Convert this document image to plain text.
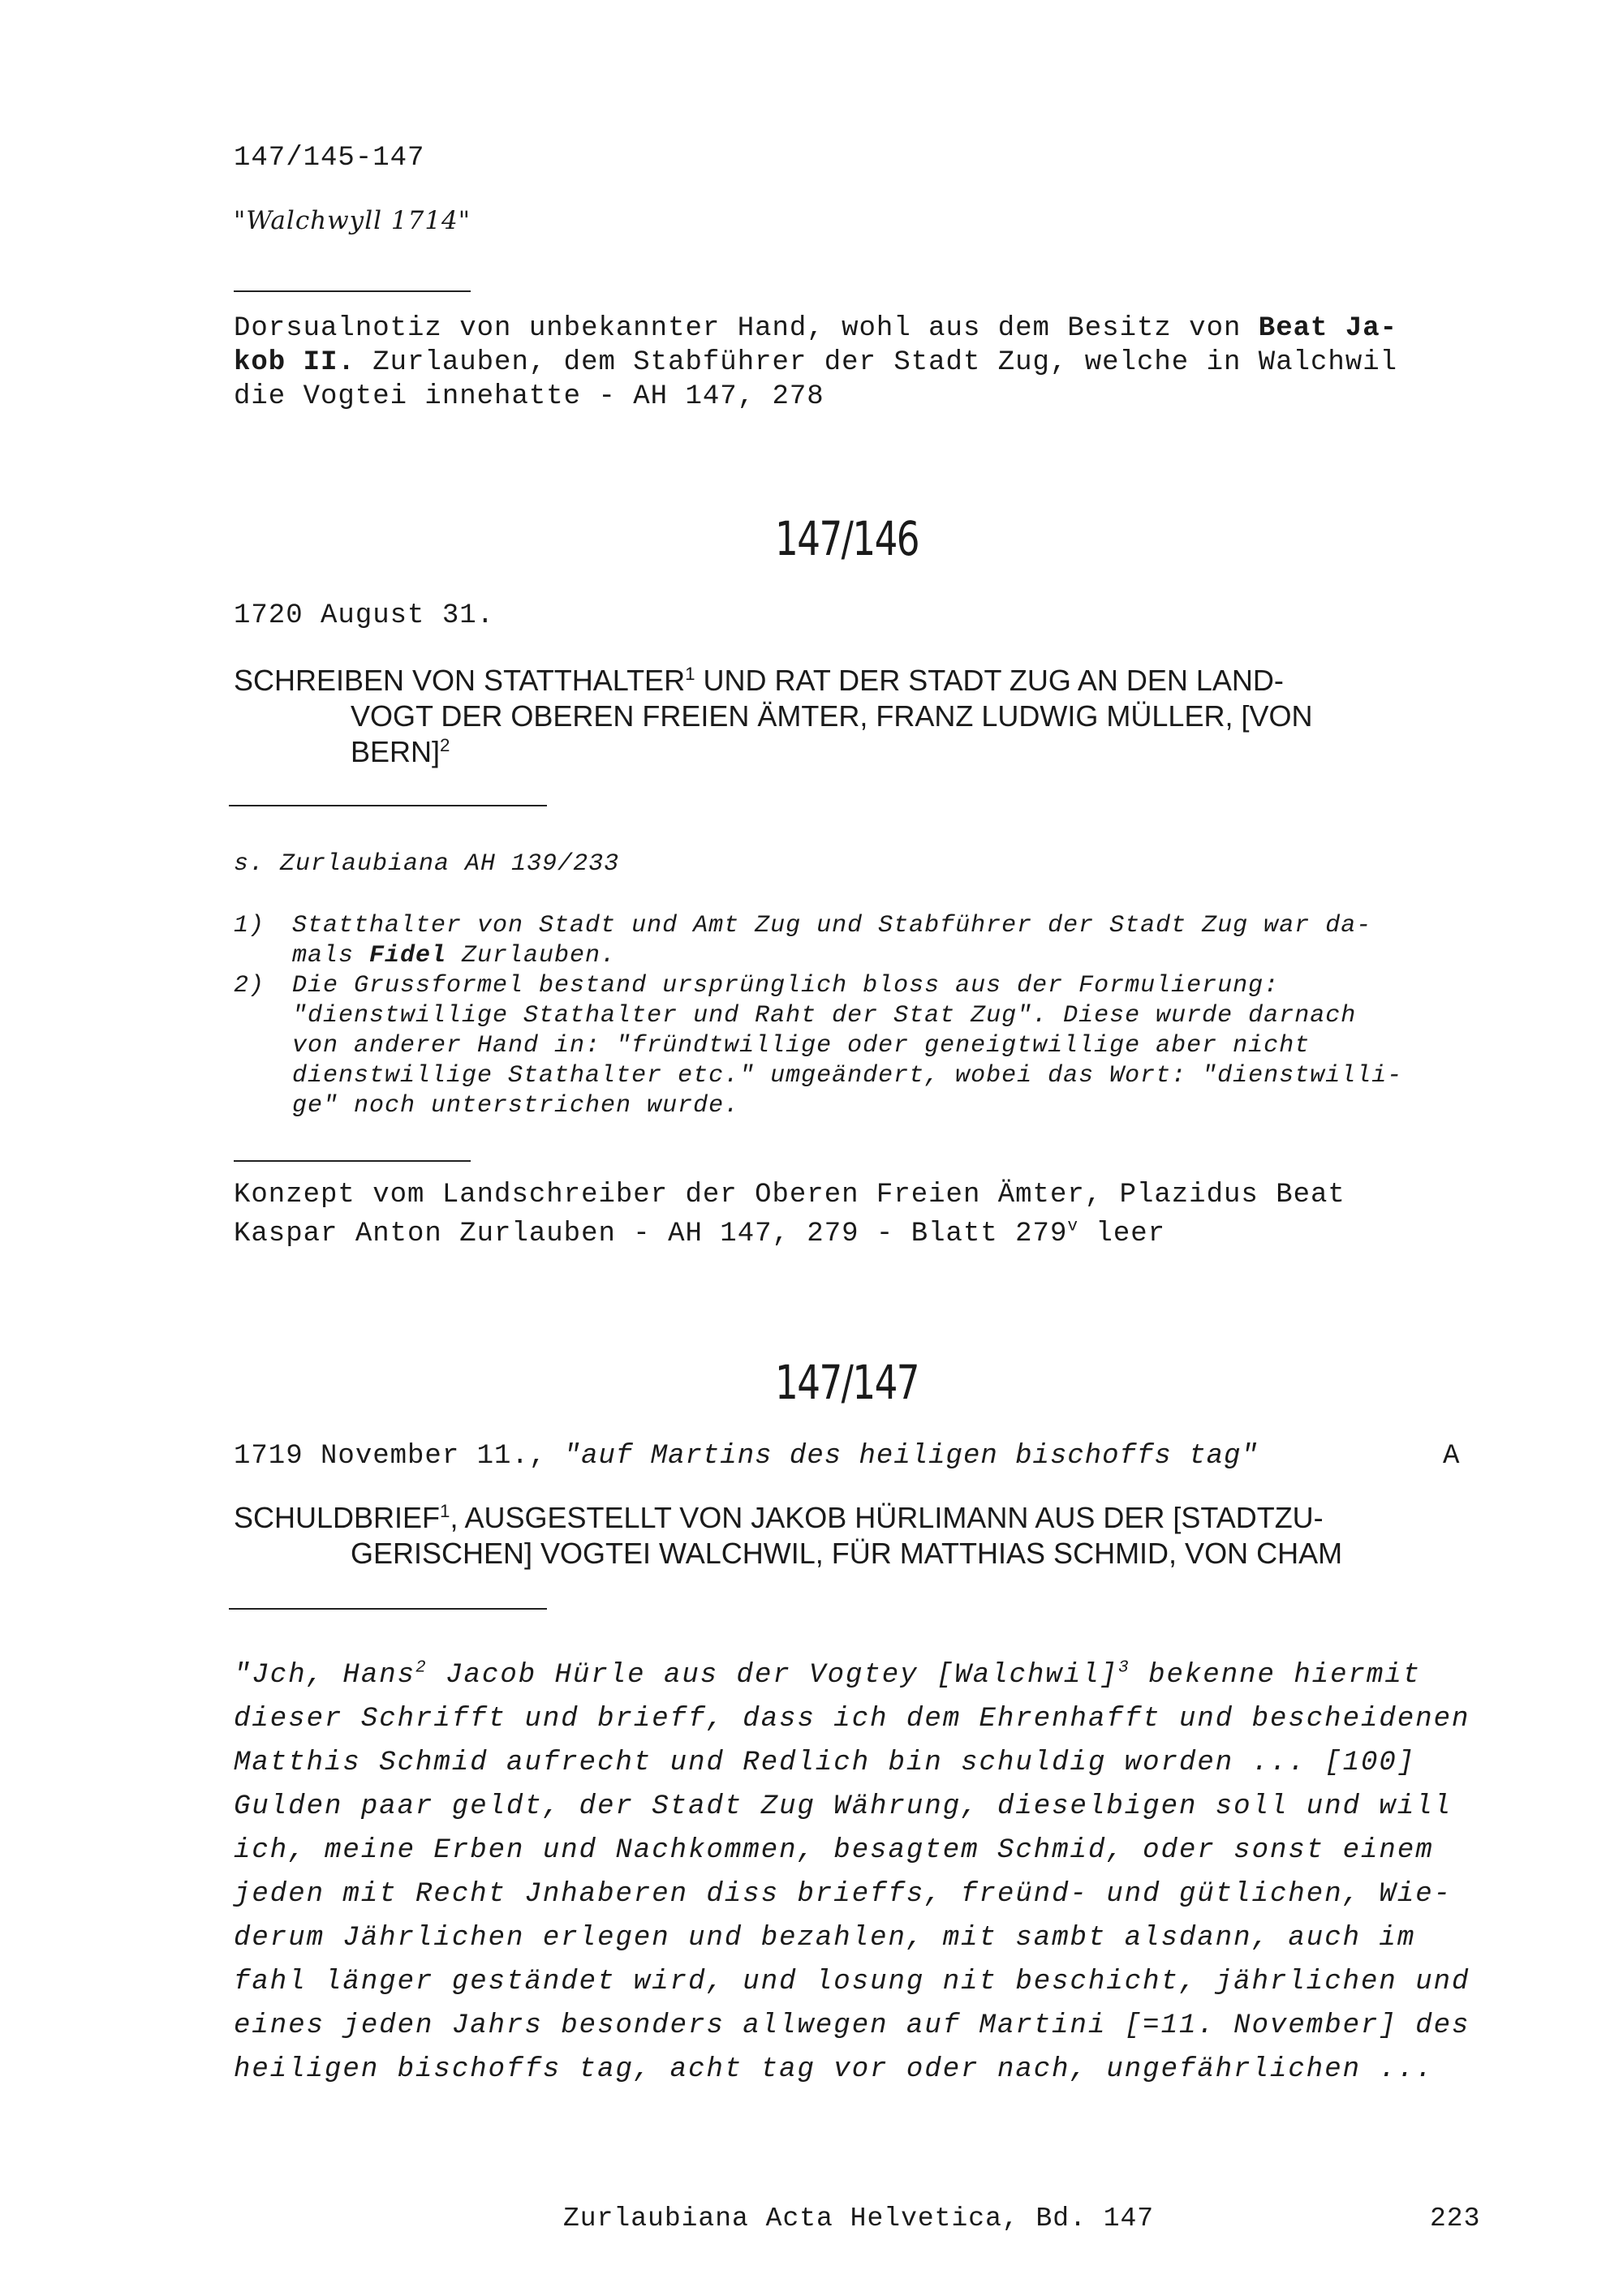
147/145-147
"Walchwyll 1714"
Dorsualnotiz von unbekannter Hand, wohl aus dem Besitz von Beat Ja-
kob II. Zurlauben, dem Stabführer der Stadt Zug, welche in Walchwil
die Vogtei innehatte - AH 147, 278
147/146
1720 August 31.
SCHREIBEN VON STATTHALTER$^1$ UND RAT DER STADT ZUG AN DEN LAND-
VOGT DER OBEREN FREIEN ÄMTER, FRANZ LUDWIG MÜLLER, [VON
BERN]$^2$
s. Zurlaubiana AH 139/233
1) Statthalter von Stadt und Amt Zug und Stabführer der Stadt Zug war da-
mals Fidel Zurlauben.
2) Die Grussformel bestand ursprünglich bloss aus der Formulierung:
"dienstwillige Stathalter und Raht der Stat Zug". Diese wurde darnach
von anderer Hand in: "fründtwillige oder geneigtwillige aber nicht
dienstwillige Stathalter etc." umgeändert, wobei das Wort: "dienstwilli-
ge" noch unterstrichen wurde.
Konzept vom Landschreiber der Oberen Freien Ämter, Plazidus Beat
Kaspar Anton Zurlauben - AH 147, 279 - Blatt 279$^v$ leer
147/147
1719 November 11., "auf Martins des heiligen bischoffs tag"	A
SCHULDBRIEF$^1$, AUSGESTELLT VON JAKOB HÜRLIMANN AUS DER [STADTZU-
GERISCHEN] VOGTEI WALCHWIL, FÜR MATTHIAS SCHMID, VON CHAM
"Jch, Hans$^2$ Jacob Hürle aus der Vogtey [Walchwil]$^3$ bekenne hiermit
dieser Schrifft und brieff, dass ich dem Ehrenhafft und bescheidenen
Matthis Schmid aufrecht und Redlich bin schuldig worden ... [100]
Gulden paar geldt, der Stadt Zug Währung, dieselbigen soll und will
ich, meine Erben und Nachkommen, besagtem Schmid, oder sonst einem
jeden mit Recht Jnhaberen diss brieffs, freünd- und gütlichen, Wie-
derum Jährlichen erlegen und bezahlen, mit sambt alsdann, auch im
fahl länger geständet wird, und losung nit beschicht, jährlichen und
eines jeden Jahrs besonders allwegen auf Martini [=11. November] des
heiligen bischoffs tag, acht tag vor oder nach, ungefährlichen ...
Zurlaubiana Acta Helvetica, Bd. 147	223
